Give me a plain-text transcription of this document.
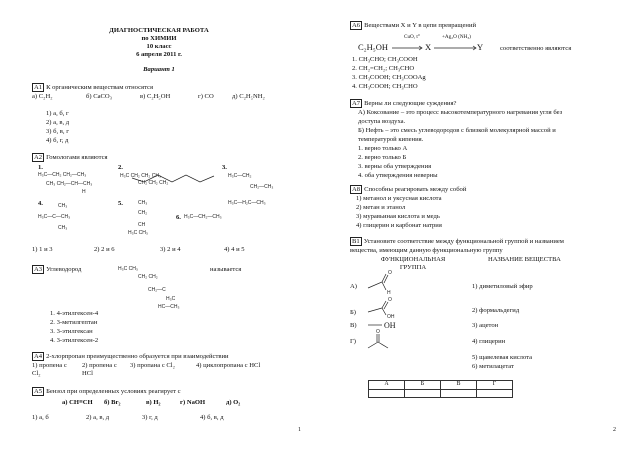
ДИАГНОСТИЧЕСКАЯ РАБОТА
по ХИМИИ
10 класс
6 апреля 2011 г.
Вариант 1
А1 К органическим веществам относятся
а) C₂H₂	б) CaCO₃	в) C₂H₅OH	г) CO	д) C₂H₅NH₂
1) а, б, г
2) а, в, д
3) б, в, г
4) б, г, д
А2 Гомологами являются
1.	2.	3.
H₃C—CH₂ CH₂—CH₃
CH₃ CH₂—CH—CH₃
H
H₃C CH₂ CH₂ CH₃
CH₂ CH₂ CH₂
H₃C—CH₂
CH₂—CH₃
4.	5.
CH₃
H₃C—C—CH₃
CH₃
CH₃
CH₂
CH
H₃C CH₃
6. H₃C—CH₂—CH₃
H₃C—H₂C—CH₃
1) 1 и 3	2) 2 и 6	3) 2 и 4	4) 4 и 5
А3 Углеводород	называется
H₃C CH₃
CH₂ CH₂
CH₂—C
H₃C
HC—CH₃
1. 4-этилгексен-4
2. 3-метилгептан
3. 3-этилгексан
4. 3-этилгексен-2
А4 2-хлорпропан преимущественно образуется при взаимодействии
1) пропена с Cl₂
2) пропена с HCl
3) пропана с Cl₂	4) циклопропана с HCl
А5 Бензол при определенных условиях реагирует с
а) CH≡CH б) Br₂	в) H₂	г) NaOH	д) O₂
1) а, б	2) а, в, д	3) г, д	4) б, в, д
1
А6 Веществами X и Y в цепи превращений
CuO, t°	+Ag₂O (NH₃)
C₂H₅OH	X	Y	соответственно являются
1. CH₃CHO; CH₃COOH
2. CH₂=CH₂; CH₃CHO
3. CH₃COOH; CH₃COOAg
4. CH₃COOH; CH₃CHO
А7 Верны ли следующие суждения?
А) Коксование – это процесс высокотемпературного нагревания угля без
доступа воздуха.
Б) Нефть – это смесь углеводородов с близкой молекулярной массой и
температурой кипения.
1. верно только А
2. верно только Б
3. верны оба утверждения
4. оба утверждения неверны
А8 Способны реагировать между собой
1) метанол и уксусная кислота
2) метан и этанол
3) муравьиная кислота и медь
4) глицерин и карбонат натрия
В1 Установите соответствие между функциональной группой и названием
вещества, имеющим данную функциональную группу
ФУНКЦИОНАЛЬНАЯ
ГРУППА
НАЗВАНИЕ ВЕЩЕСТВА
А)
Б)
В)
Г)
O
H
O
OH
OH
O
1) диметиловый эфир
2) формальдегид
3) ацетон
4) глицерин
5) щавелевая кислота
6) метилацетат
А	Б	В	Г

2
